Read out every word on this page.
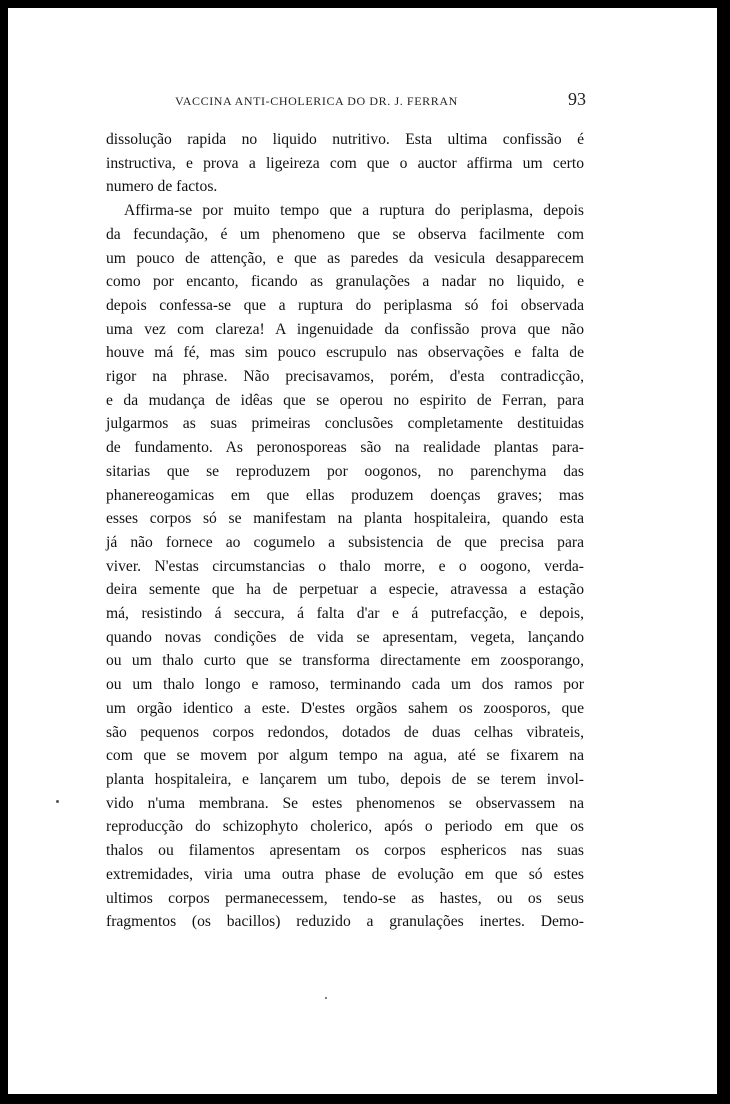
VACCINA ANTI-CHOLERICA DO DR. J. FERRAN	93

dissolução rapida no liquido nutritivo. Esta ultima confissão é

instructiva, e prova a ligeireza com que o auctor affirma um certo

numero de factos.

Affirma-se por muito tempo que a ruptura do periplasma, depois

da fecundação, é um phenomeno que se observa facilmente com

um pouco de attenção, e que as paredes da vesicula desapparecem

como por encanto, ficando as granulações a nadar no liquido, e

depois confessa-se que a ruptura do periplasma só foi observada

uma vez com clareza! A ingenuidade da confissão prova que não

houve má fé, mas sim pouco escrupulo nas observações e falta de

rigor na phrase. Não precisavamos, porém, d'esta contradicção,

e da mudança de idêas que se operou no espirito de Ferran, para

julgarmos as suas primeiras conclusões completamente destituidas

de fundamento. As peronosporeas são na realidade plantas para-

sitarias que se reproduzem por oogonos, no parenchyma das

phanereogamicas em que ellas produzem doenças graves; mas

esses corpos só se manifestam na planta hospitaleira, quando esta

já não fornece ao cogumelo a subsistencia de que precisa para

viver. N'estas circumstancias o thalo morre, e o oogono, verda-

deira semente que ha de perpetuar a especie, atravessa a estação

má, resistindo á seccura, á falta d'ar e á putrefacção, e depois,

quando novas condições de vida se apresentam, vegeta, lançando

ou um thalo curto que se transforma directamente em zoosporango,

ou um thalo longo e ramoso, terminando cada um dos ramos por

um orgão identico a este. D'estes orgãos sahem os zoosporos, que

são pequenos corpos redondos, dotados de duas celhas vibrateis,

com que se movem por algum tempo na agua, até se fixarem na

planta hospitaleira, e lançarem um tubo, depois de se terem invol-

vido n'uma membrana. Se estes phenomenos se observassem na

reproducção do schizophyto cholerico, após o periodo em que os

thalos ou filamentos apresentam os corpos esphericos nas suas

extremidades, viria uma outra phase de evolução em que só estes

ultimos corpos permanecessem, tendo-se as hastes, ou os seus

fragmentos (os bacillos) reduzido a granulações inertes. Demo-
